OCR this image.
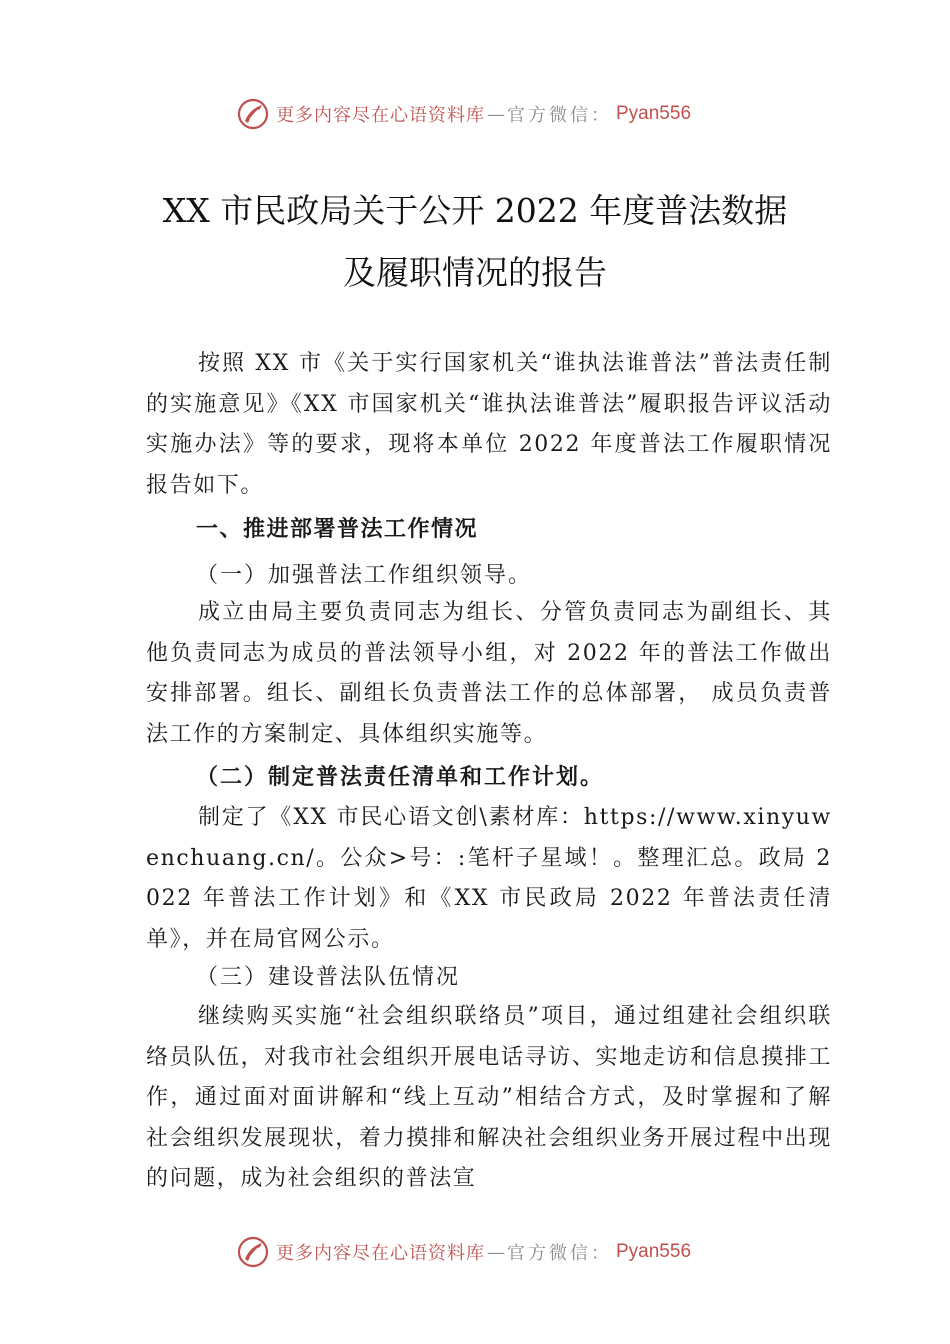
更多内容尽在心语资料库 — 官方微信： Pyan556
XX 市民政局关于公开 2022 年度普法数据
及履职情况的报告

按照 XX 市《关于实行国家机关“谁执法谁普法”普法责任制的实施意见》《XX 市国家机关“谁执法谁普法”履职报告评议活动实施办法》等的要求，现将本单位 2022 年度普法工作履职情况报告如下。

一、推进部署普法工作情况
（一）加强普法工作组织领导。

成立由局主要负责同志为组长、分管负责同志为副组长、其他负责同志为成员的普法领导小组，对 2022 年的普法工作做出安排部署。组长、副组长负责普法工作的总体部署， 成员负责普法工作的方案制定、具体组织实施等。

（二）制定普法责任清单和工作计划。

制定了《XX 市民心语文创\素材库：https://www.xinyuwenchuang.cn/。公众>号：:笔杆子星域！。整理汇总。政局 2022 年普法工作计划》和《XX 市民政局 2022 年普法责任清单》，并在局官网公示。

（三）建设普法队伍情况

继续购买实施“社会组织联络员”项目，通过组建社会组织联络员队伍，对我市社会组织开展电话寻访、实地走访和信息摸排工作，通过面对面讲解和“线上互动”相结合方式，及时掌握和了解社会组织发展现状，着力摸排和解决社会组织业务开展过程中出现的问题，成为社会组织的普法宣

更多内容尽在心语资料库 — 官方微信： Pyan556
